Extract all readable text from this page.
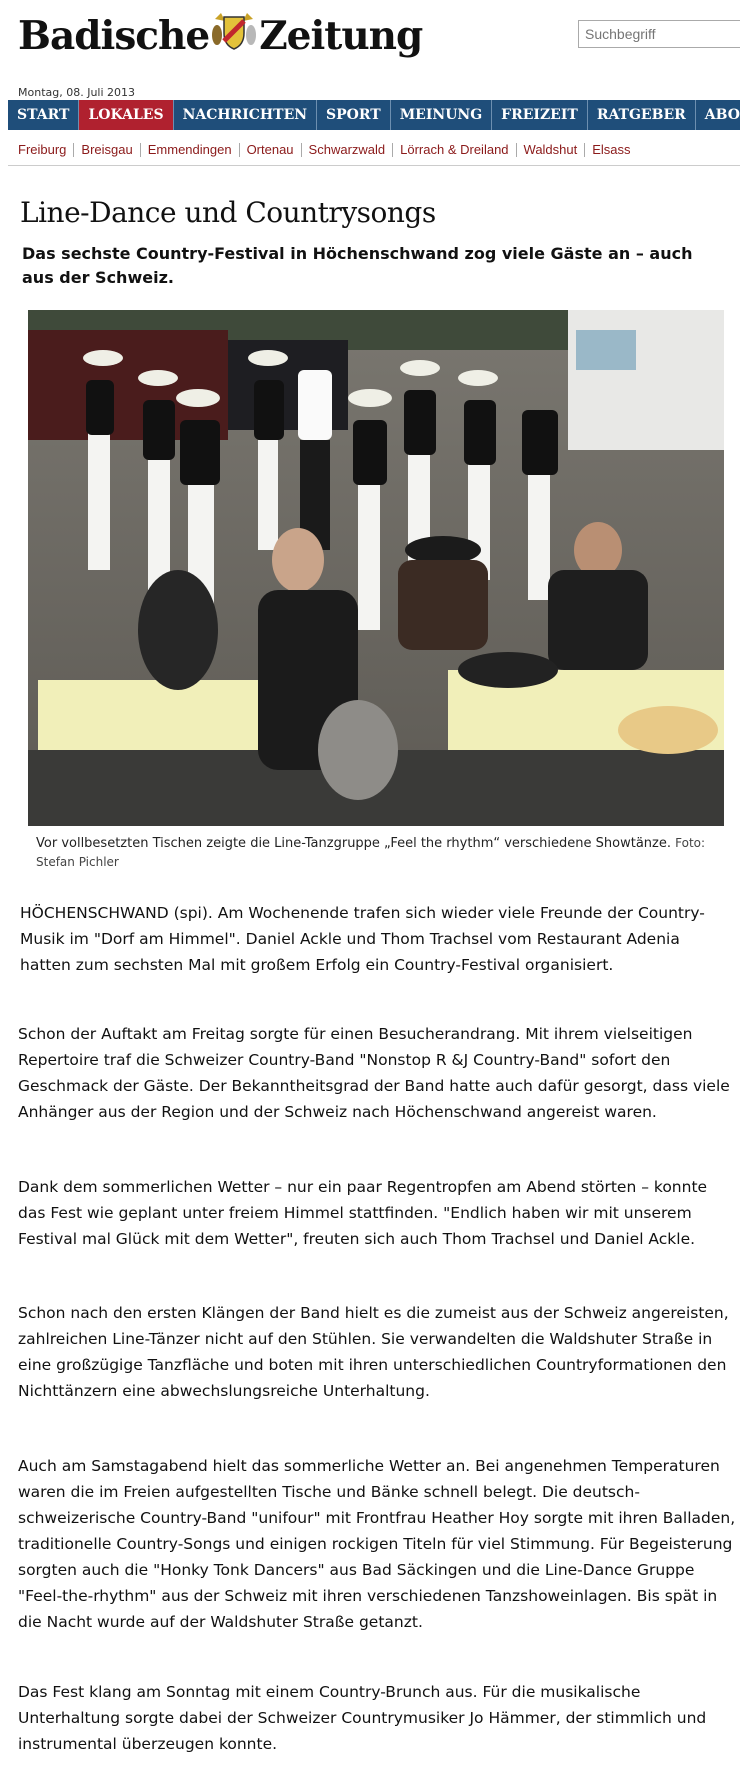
Badische Zeitung
Suchbegriff
Montag, 08. Juli 2013
START	LOKALES	NACHRICHTEN	SPORT	MEINUNG	FREIZEIT	RATGEBER	ABO
Freiburg	Breisgau	Emmendingen	Ortenau	Schwarzwald	Lörrach & Dreiland	Waldshut	Elsass
Line-Dance und Countrysongs

Das sechste Country-Festival in Höchenschwand zog viele Gäste an – auch aus der Schweiz.

Vor vollbesetzten Tischen zeigte die Line-Tanzgruppe „Feel the rhythm“ verschiedene Showtänze. Foto: Stefan Pichler

HÖCHENSCHWAND (spi). Am Wochenende trafen sich wieder viele Freunde der Country-Musik im "Dorf am Himmel". Daniel Ackle und Thom Trachsel vom Restaurant Adenia hatten zum sechsten Mal mit großem Erfolg ein Country-Festival organisiert.

Schon der Auftakt am Freitag sorgte für einen Besucherandrang. Mit ihrem vielseitigen Repertoire traf die Schweizer Country-Band "Nonstop R &J Country-Band" sofort den Geschmack der Gäste. Der Bekanntheitsgrad der Band hatte auch dafür gesorgt, dass viele Anhänger aus der Region und der Schweiz nach Höchenschwand angereist waren.

Dank dem sommerlichen Wetter – nur ein paar Regentropfen am Abend störten – konnte das Fest wie geplant unter freiem Himmel stattfinden. "Endlich haben wir mit unserem Festival mal Glück mit dem Wetter", freuten sich auch Thom Trachsel und Daniel Ackle.

Schon nach den ersten Klängen der Band hielt es die zumeist aus der Schweiz angereisten, zahlreichen Line-Tänzer nicht auf den Stühlen. Sie verwandelten die Waldshuter Straße in eine großzügige Tanzfläche und boten mit ihren unterschiedlichen Countryformationen den Nichttänzern eine abwechslungsreiche Unterhaltung.

Auch am Samstagabend hielt das sommerliche Wetter an. Bei angenehmen Temperaturen waren die im Freien aufgestellten Tische und Bänke schnell belegt. Die deutsch-schweizerische Country-Band "unifour" mit Frontfrau Heather Hoy sorgte mit ihren Balladen, traditionelle Country-Songs und einigen rockigen Titeln für viel Stimmung. Für Begeisterung sorgten auch die "Honky Tonk Dancers" aus Bad Säckingen und die Line-Dance Gruppe "Feel-the-rhythm" aus der Schweiz mit ihren verschiedenen Tanzshoweinlagen. Bis spät in die Nacht wurde auf der Waldshuter Straße getanzt.

Das Fest klang am Sonntag mit einem Country-Brunch aus. Für die musikalische Unterhaltung sorgte dabei der Schweizer Countrymusiker Jo Hämmer, der stimmlich und instrumental überzeugen konnte.
